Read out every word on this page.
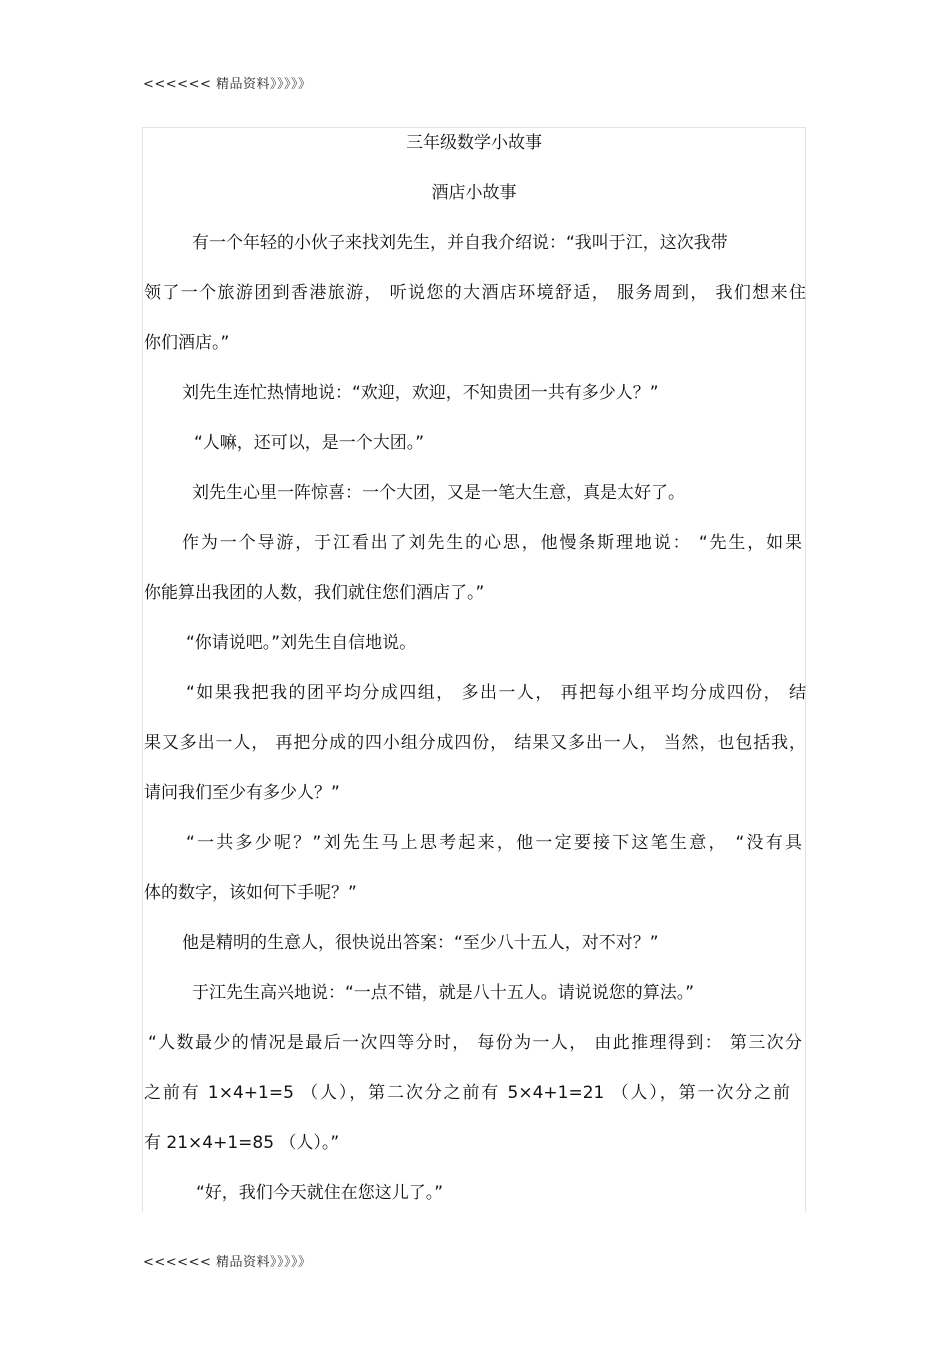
<<<<<< 精品资料》》》》》
三年级数学小故事
酒店小故事
有一个年轻的小伙子来找刘先生，并自我介绍说：“我叫于江，这次我带
领了一个旅游团到香港旅游， 听说您的大酒店环境舒适， 服务周到， 我们想来住
你们酒店。”
刘先生连忙热情地说：“欢迎，欢迎，不知贵团一共有多少人？”
“人嘛，还可以，是一个大团。”
刘先生心里一阵惊喜：一个大团，又是一笔大生意，真是太好了。
作为一个导游，于江看出了刘先生的心思，他慢条斯理地说： “先生，如果
你能算出我团的人数，我们就住您们酒店了。”
“你请说吧。”刘先生自信地说。
“如果我把我的团平均分成四组， 多出一人， 再把每小组平均分成四份， 结
果又多出一人， 再把分成的四小组分成四份， 结果又多出一人， 当然，也包括我，
请问我们至少有多少人？”
“一共多少呢？”刘先生马上思考起来，他一定要接下这笔生意， “没有具
体的数字，该如何下手呢？”
他是精明的生意人，很快说出答案：“至少八十五人，对不对？”
于江先生高兴地说：“一点不错，就是八十五人。请说说您的算法。”
“人数最少的情况是最后一次四等分时， 每份为一人， 由此推理得到： 第三次分
之前有 1×4+1=5 （人），第二次分之前有 5×4+1=21 （人），第一次分之前
有 21×4+1=85 （人）。”
“好，我们今天就住在您这儿了。”
<<<<<< 精品资料》》》》》
